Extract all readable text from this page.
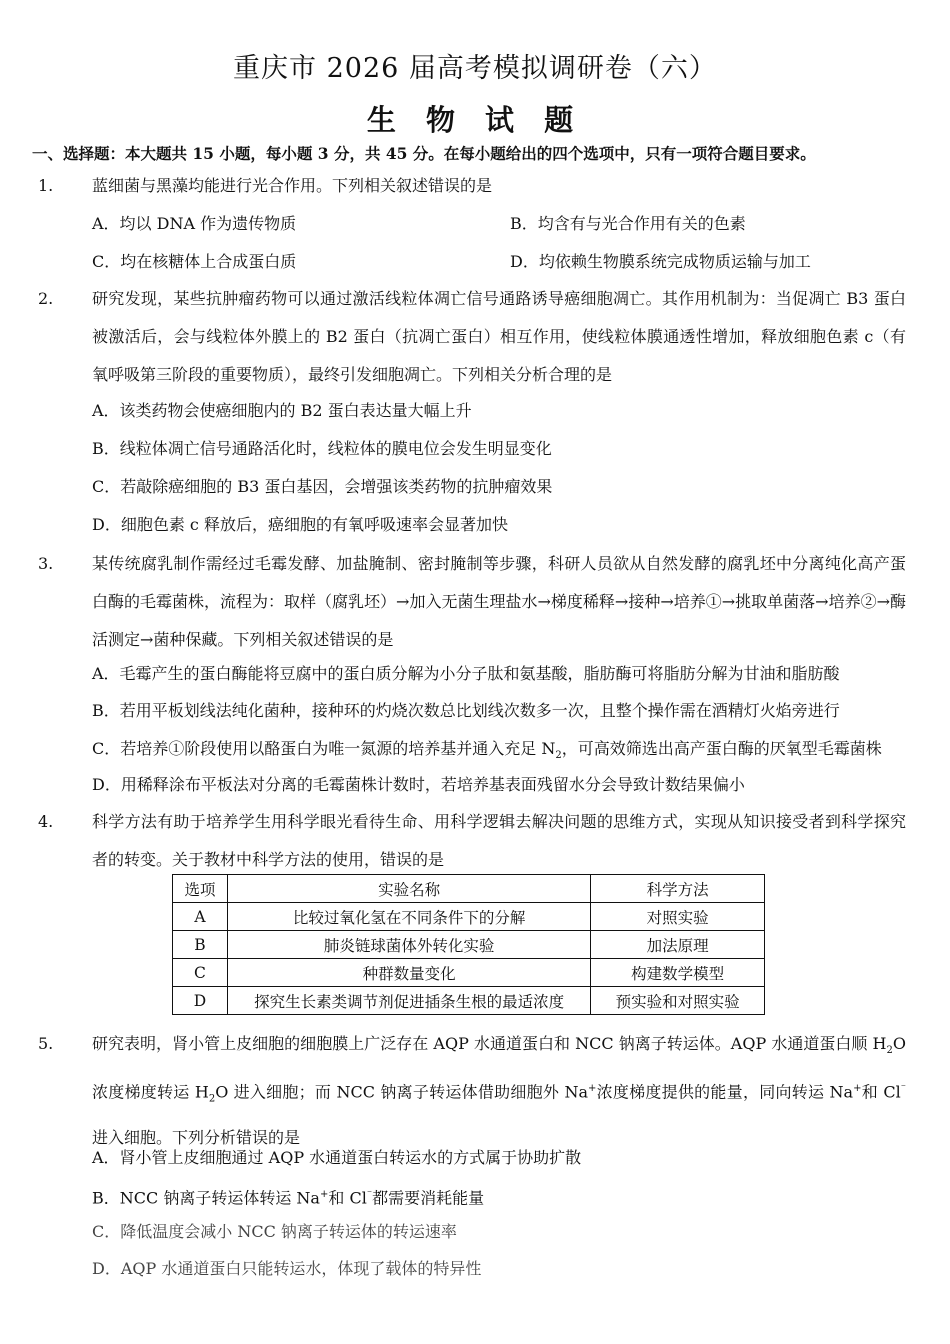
重庆市 2026 届高考模拟调研卷（六）
生 物 试 题
一、选择题：本大题共 15 小题，每小题 3 分，共 45 分。在每小题给出的四个选项中，只有一项符合题目要求。
1.	蓝细菌与黑藻均能进行光合作用。下列相关叙述错误的是
A．均以 DNA 作为遗传物质	B．均含有与光合作用有关的色素
C．均在核糖体上合成蛋白质	D．均依赖生物膜系统完成物质运输与加工
2.	研究发现，某些抗肿瘤药物可以通过激活线粒体凋亡信号通路诱导癌细胞凋亡。其作用机制为：当促凋亡 B3 蛋白被激活后，会与线粒体外膜上的 B2 蛋白（抗凋亡蛋白）相互作用，使线粒体膜通透性增加，释放细胞色素 c（有氧呼吸第三阶段的重要物质），最终引发细胞凋亡。下列相关分析合理的是
A．该类药物会使癌细胞内的 B2 蛋白表达量大幅上升
B．线粒体凋亡信号通路活化时，线粒体的膜电位会发生明显变化
C．若敲除癌细胞的 B3 蛋白基因，会增强该类药物的抗肿瘤效果
D．细胞色素 c 释放后，癌细胞的有氧呼吸速率会显著加快
3.	某传统腐乳制作需经过毛霉发酵、加盐腌制、密封腌制等步骤，科研人员欲从自然发酵的腐乳坯中分离纯化高产蛋白酶的毛霉菌株，流程为：取样（腐乳坯）→加入无菌生理盐水→梯度稀释→接种→培养①→挑取单菌落→培养②→酶活测定→菌种保藏。下列相关叙述错误的是
A．毛霉产生的蛋白酶能将豆腐中的蛋白质分解为小分子肽和氨基酸，脂肪酶可将脂肪分解为甘油和脂肪酸
B．若用平板划线法纯化菌种，接种环的灼烧次数总比划线次数多一次，且整个操作需在酒精灯火焰旁进行
C．若培养①阶段使用以酪蛋白为唯一氮源的培养基并通入充足 $N_2$，可高效筛选出高产蛋白酶的厌氧型毛霉菌株
D．用稀释涂布平板法对分离的毛霉菌株计数时，若培养基表面残留水分会导致计数结果偏小
4.	科学方法有助于培养学生用科学眼光看待生命、用科学逻辑去解决问题的思维方式，实现从知识接受者到科学探究者的转变。关于教材中科学方法的使用，错误的是
选项	实验名称	科学方法
A	比较过氧化氢在不同条件下的分解	对照实验
B	肺炎链球菌体外转化实验	加法原理
C	种群数量变化	构建数学模型
D	探究生长素类调节剂促进插条生根的最适浓度	预实验和对照实验
5.	研究表明，肾小管上皮细胞的细胞膜上广泛存在 AQP 水通道蛋白和 NCC 钠离子转运体。AQP 水通道蛋白顺 $H_2O$ 浓度梯度转运 $H_2O$ 进入细胞；而 NCC 钠离子转运体借助细胞外 Na+浓度梯度提供的能量，同向转运 Na+和 Cl⁻进入细胞。下列分析错误的是
A．肾小管上皮细胞通过 AQP 水通道蛋白转运水的方式属于协助扩散
B．NCC 钠离子转运体转运 Na+和 Cl⁻都需要消耗能量
C．降低温度会减小 NCC 钠离子转运体的转运速率
D．AQP 水通道蛋白只能转运水，体现了载体的特异性
